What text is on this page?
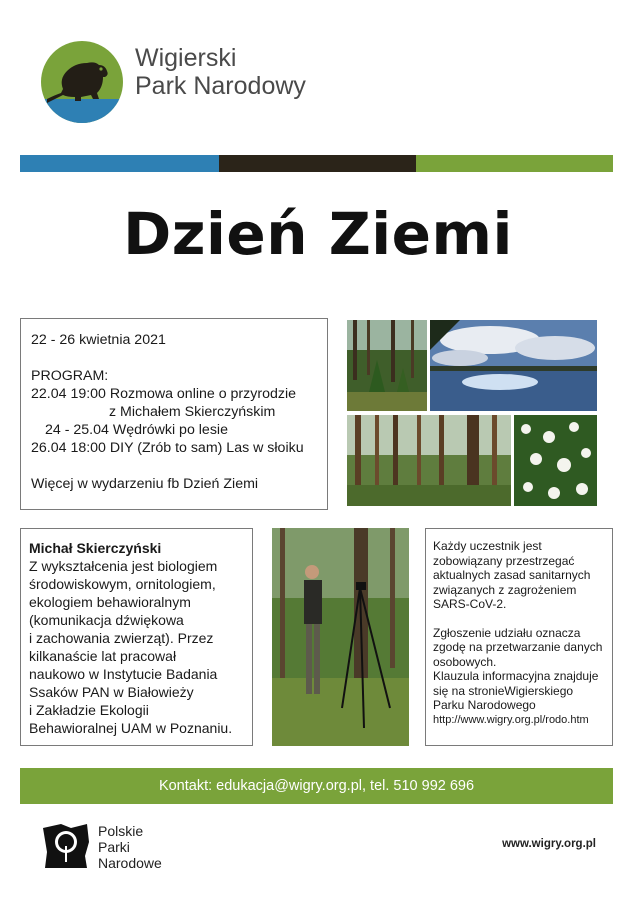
Wigierski
Park Narodowy
Dzień Ziemi

22 - 26 kwietnia 2021

PROGRAM:

22.04 19:00 Rozmowa online o przyrodzie

z Michałem Skierczyńskim

24 - 25.04 Wędrówki po lesie

26.04 18:00 DIY (Zrób to sam) Las w słoiku

Więcej w wydarzeniu fb Dzień Ziemi

Michał Skierczyński
Z wykształcenia jest biologiem
środowiskowym, ornitologiem,
ekologiem behawioralnym
(komunikacja dźwiękowa
i zachowania zwierząt). Przez
kilkanaście lat pracował
naukowo w Instytucie Badania
Ssaków PAN w Białowieży
i Zakładzie Ekologii
Behawioralnej UAM w Poznaniu.

Każdy uczestnik jest zobowiązany przestrzegać aktualnych zasad sanitarnych związanych z zagrożeniem SARS-CoV-2.

Zgłoszenie udziału oznacza zgodę na przetwarzanie danych osobowych.

Klauzula informacyjna znajduje się na stronieWigierskiego Parku Narodowego

http://www.wigry.org.pl/rodo.htm

Kontakt: edukacja@wigry.org.pl, tel. 510 992 696
Polskie
Parki
Narodowe
www.wigry.org.pl
